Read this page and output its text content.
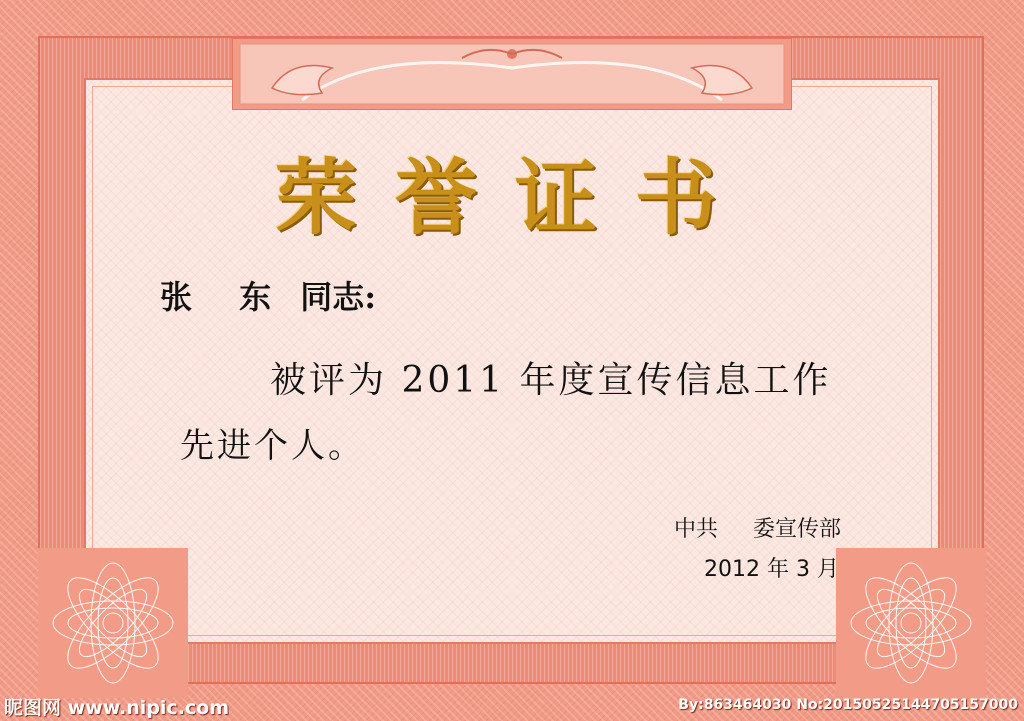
荣誉证书
张 东 同志:
被评为 2011 年度宣传信息工作
先进个人。
中共     委宣传部
2012 年 3 月
昵图网 www.nipic.com	By:863464030 No:20150525144705157000
